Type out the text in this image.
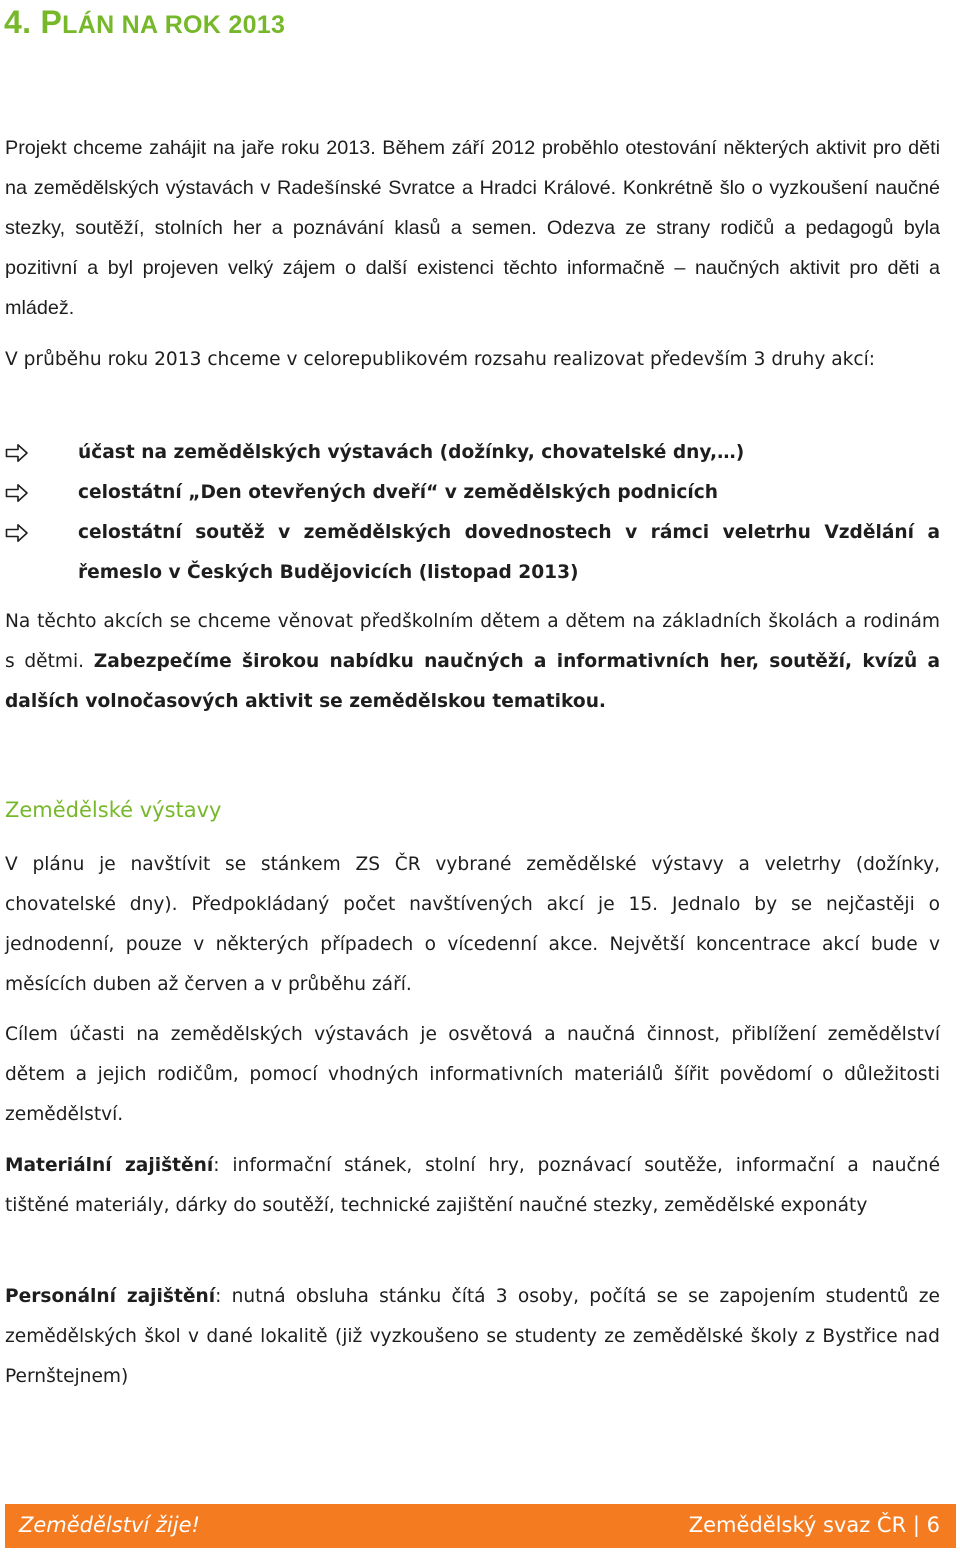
4. PLÁN NA ROK 2013

Projekt chceme zahájit na jaře roku 2013. Během září 2012 proběhlo otestování některých aktivit pro děti na zemědělských výstavách v Radešínské Svratce a Hradci Králové. Konkrétně šlo o vyzkoušení naučné stezky, soutěží, stolních her a poznávání klasů a semen. Odezva ze strany rodičů a pedagogů byla pozitivní a byl projeven velký zájem o další existenci těchto informačně – naučných aktivit pro děti a mládež.

V průběhu roku 2013 chceme v celorepublikovém rozsahu realizovat především 3 druhy akcí:

účast na zemědělských výstavách (dožínky, chovatelské dny,…)
celostátní „Den otevřených dveří“ v zemědělských podnicích
celostátní soutěž v zemědělských dovednostech v rámci veletrhu Vzdělání a řemeslo v Českých Budějovicích (listopad 2013)

Na těchto akcích se chceme věnovat předškolním dětem a dětem na základních školách a rodinám s dětmi. Zabezpečíme širokou nabídku naučných a informativních her, soutěží, kvízů a dalších volnočasových aktivit se zemědělskou tematikou.

Zemědělské výstavy

V plánu je navštívit se stánkem ZS ČR vybrané zemědělské výstavy a veletrhy (dožínky, chovatelské dny). Předpokládaný počet navštívených akcí je 15. Jednalo by se nejčastěji o jednodenní, pouze v některých případech o vícedenní akce. Největší koncentrace akcí bude v měsících duben až červen a v průběhu září.

Cílem účasti na zemědělských výstavách je osvětová a naučná činnost, přiblížení zemědělství dětem a jejich rodičům, pomocí vhodných informativních materiálů šířit povědomí o důležitosti zemědělství.

Materiální zajištění: informační stánek, stolní hry, poznávací soutěže, informační a naučné tištěné materiály, dárky do soutěží, technické zajištění naučné stezky, zemědělské exponáty

Personální zajištění: nutná obsluha stánku čítá 3 osoby, počítá se se zapojením studentů ze zemědělských škol v dané lokalitě (již vyzkoušeno se studenty ze zemědělské školy z Bystřice nad Pernštejnem)

Zemědělství žije!	Zemědělský svaz ČR | 6
